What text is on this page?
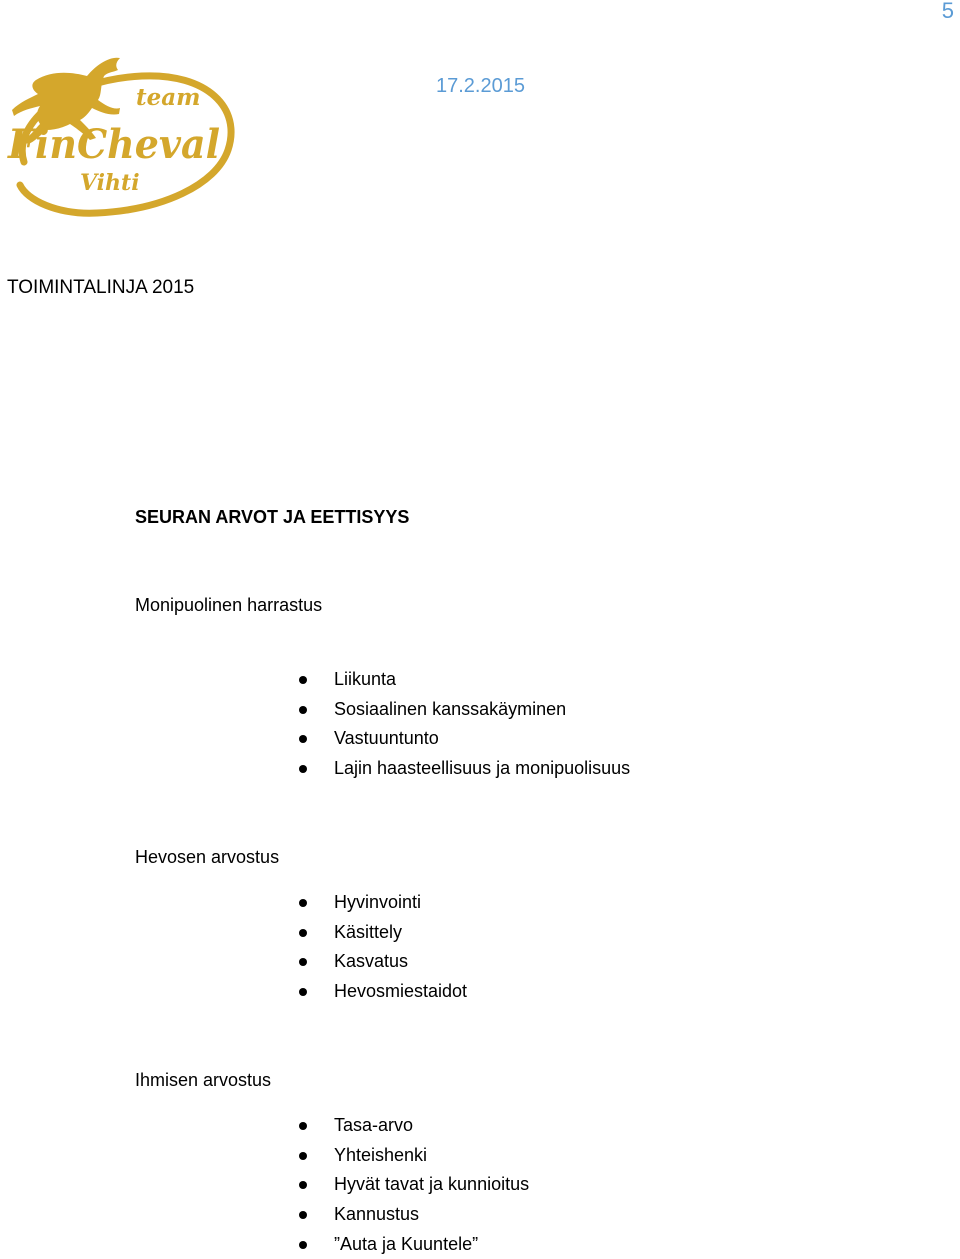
5
17.2.2015
team
FinCheval
Vihti
TOIMINTALINJA 2015
SEURAN ARVOT JA EETTISYYS
Monipuolinen harrastus
Liikunta
Sosiaalinen kanssakäyminen
Vastuuntunto
Lajin haasteellisuus ja monipuolisuus
Hevosen arvostus
Hyvinvointi
Käsittely
Kasvatus
Hevosmiestaidot
Ihmisen arvostus
Tasa-arvo
Yhteishenki
Hyvät tavat ja kunnioitus
Kannustus
”Auta ja Kuuntele”
